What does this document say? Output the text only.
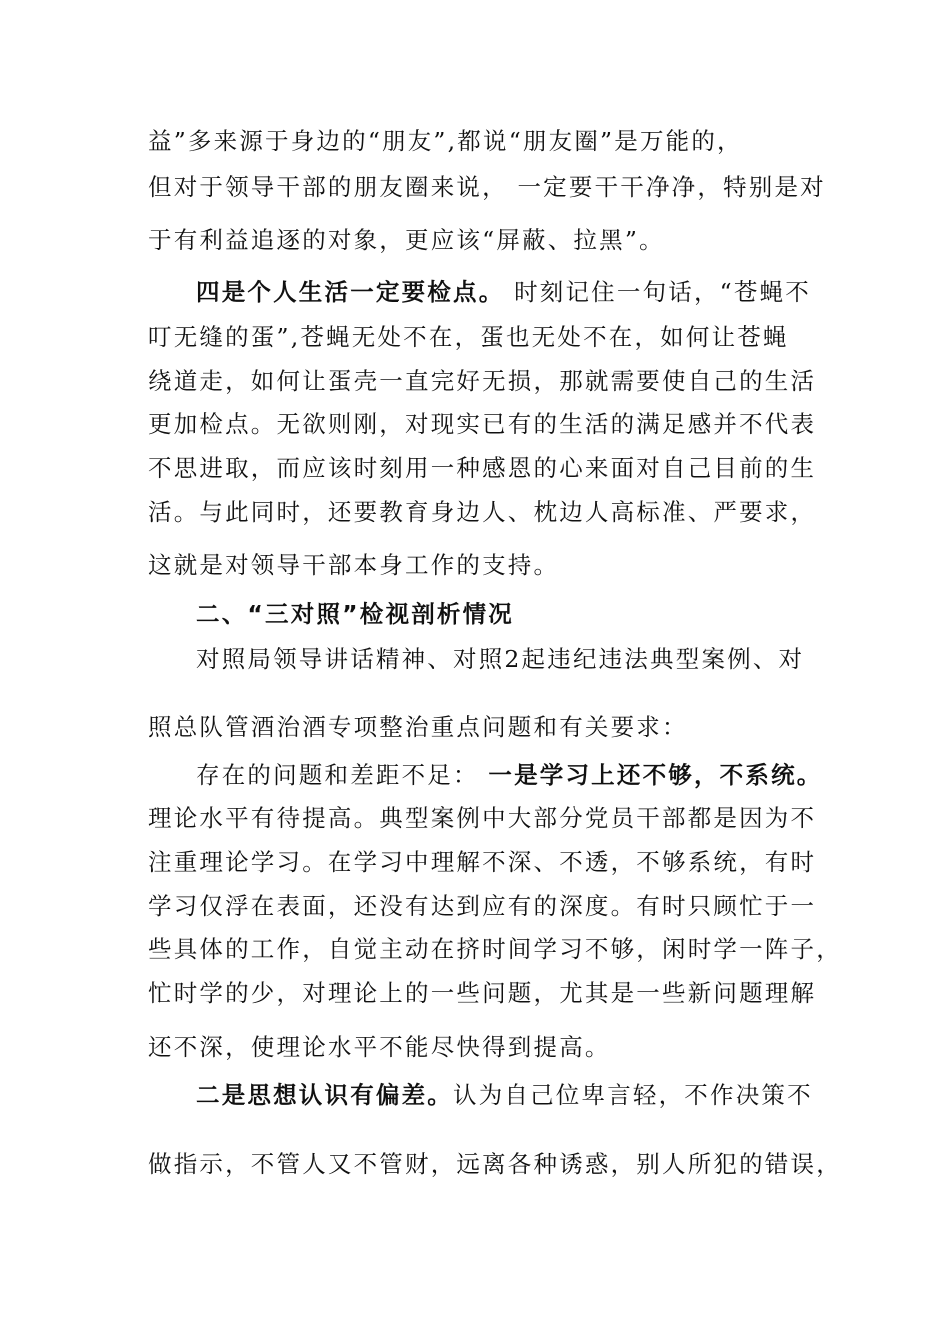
益”多来源于身边的“朋友”,都说“朋友圈”是万能的，
但对于领导干部的朋友圈来说， 一定要干干净净，特别是对
于有利益追逐的对象，更应该“屏蔽、拉黑”。
四是个人生活一定要检点。 时刻记住一句话，“苍蝇不
叮无缝的蛋”,苍蝇无处不在，蛋也无处不在，如何让苍蝇
绕道走，如何让蛋壳一直完好无损，那就需要使自己的生活
更加检点。无欲则刚，对现实已有的生活的满足感并不代表
不思进取，而应该时刻用一种感恩的心来面对自己目前的生
活。与此同时，还要教育身边人、枕边人高标准、严要求，
这就是对领导干部本身工作的支持。
二、“三对照”检视剖析情况
对照局领导讲话精神、对照2起违纪违法典型案例、对
照总队管酒治酒专项整治重点问题和有关要求：
存在的问题和差距不足： 一是学习上还不够，不系统。
理论水平有待提高。典型案例中大部分党员干部都是因为不
注重理论学习。在学习中理解不深、不透，不够系统，有时
学习仅浮在表面，还没有达到应有的深度。有时只顾忙于一
些具体的工作，自觉主动在挤时间学习不够，闲时学一阵子，
忙时学的少，对理论上的一些问题，尤其是一些新问题理解
还不深，使理论水平不能尽快得到提高。
二是思想认识有偏差。认为自己位卑言轻，不作决策不
做指示，不管人又不管财，远离各种诱惑，别人所犯的错误，
